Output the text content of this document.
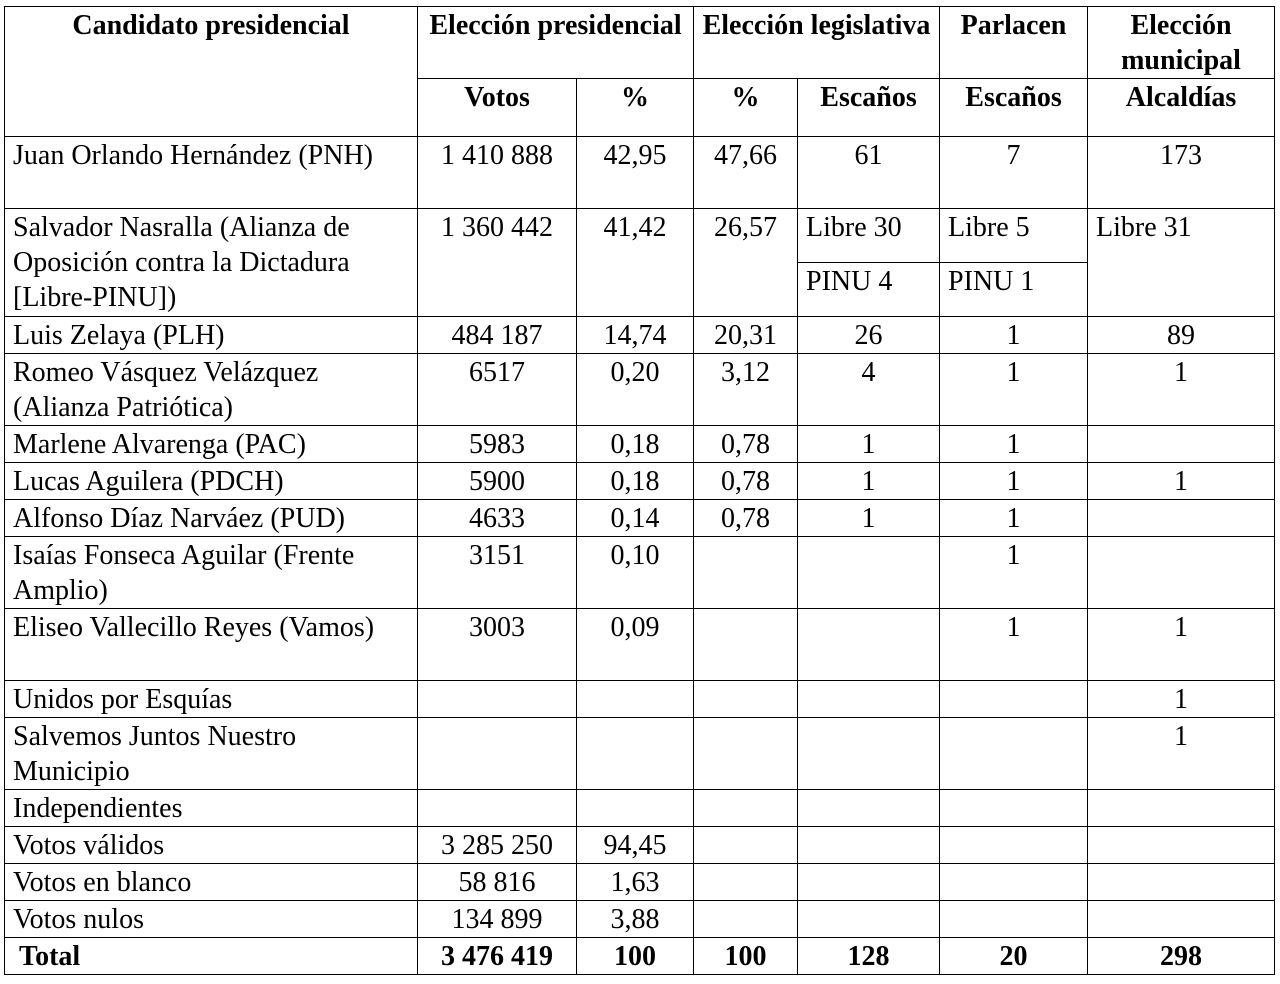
Candidato presidencial	Elección presidencial		Elección legislativa		Parlacen	Elección municipal
	Votos	%	%	Escaños	Escaños	Alcaldías
Juan Orlando Hernández (PNH)	1 410 888	42,95	47,66	61	7	173
Salvador Nasralla (Alianza de Oposición contra la Dictadura [Libre-PINU])	1 360 442	41,42	26,57	Libre 30	Libre 5	Libre 31
				PINU 4	PINU 1	
Luis Zelaya (PLH)	484 187	14,74	20,31	26	1	89
Romeo Vásquez Velázquez (Alianza Patriótica)	6517	0,20	3,12	4	1	1
Marlene Alvarenga (PAC)	5983	0,18	0,78	1	1	
Lucas Aguilera (PDCH)	5900	0,18	0,78	1	1	1
Alfonso Díaz Narváez (PUD)	4633	0,14	0,78	1	1	
Isaías Fonseca Aguilar (Frente Amplio)	3151	0,10			1	
Eliseo Vallecillo Reyes (Vamos)	3003	0,09			1	1
Unidos por Esquías						1
Salvemos Juntos Nuestro Municipio						1
Independientes						
Votos válidos	3 285 250	94,45				
Votos en blanco	58 816	1,63				
Votos nulos	134 899	3,88				
Total	3 476 419	100	100	128	20	298
